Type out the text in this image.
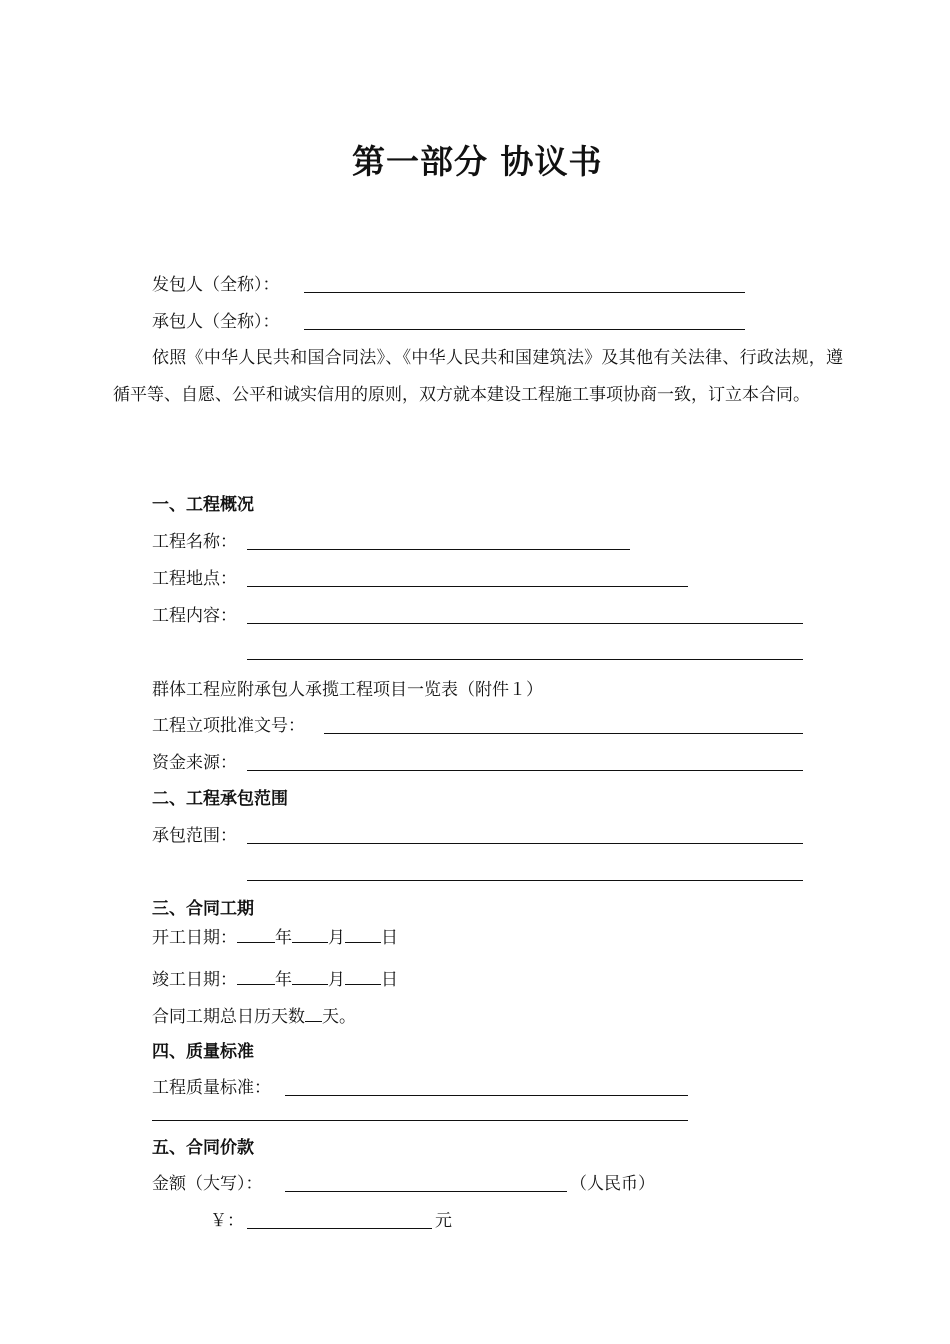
第一部分 协议书
发包人（全称）：
承包人（全称）：
依照《中华人民共和国合同法》、《中华人民共和国建筑法》及其他有关法律、行政法规，遵循平等、自愿、公平和诚实信用的原则，双方就本建设工程施工事项协商一致，订立本合同。
一、工程概况
工程名称：
工程地点：
工程内容：
群体工程应附承包人承揽工程项目一览表（附件１）
工程立项批准文号：
资金来源：
二、工程承包范围
承包范围：
三、合同工期
开工日期： 年 月 日
竣工日期： 年 月 日
合同工期总日历天数 天。
四、质量标准
工程质量标准：
五、合同价款
金额（大写）：	（人民币）
￥：	元
